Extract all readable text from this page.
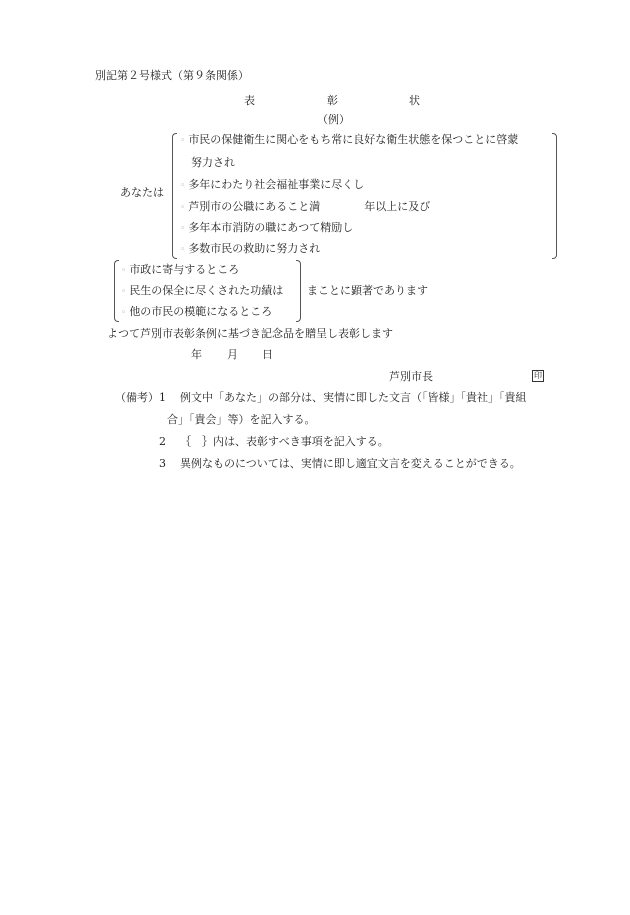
別記第２号様式（第９条関係）
表	彰	状
（例）
あなたは
◦ 市民の保健衛生に関心をもち常に良好な衛生状態を保つことに啓蒙
努力され
◦ 多年にわたり社会福祉事業に尽くし
◦ 芦別市の公職にあること満　　　　年以上に及び
◦ 多年本市消防の職にあつて精励し
◦ 多数市民の救助に努力され
◦ 市政に寄与するところ
◦ 民生の保全に尽くされた功績は
◦ 他の市民の模範になるところ
まことに顕著であります
よつて芦別市表彰条例に基づき記念品を贈呈し表彰します
年 月 日
芦別市長	印
（備考） 1 例文中「あなた」の部分は、実情に即した文言（「皆様」「貴社」「貴組
合」「貴会」等）を記入する。
2 ｛　｝内は、表彰すべき事項を記入する。
3 異例なものについては、実情に即し適宜文言を変えることができる。
